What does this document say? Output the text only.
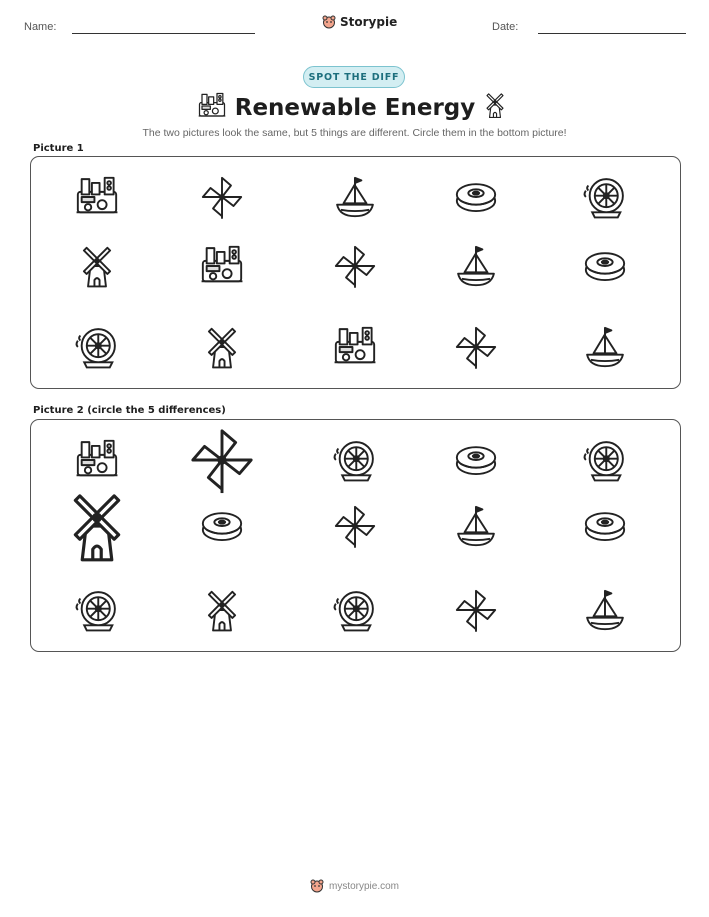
Name:	Storypie	Date:
SPOT THE DIFF
Renewable Energy
The two pictures look the same, but 5 things are different. Circle them in the bottom picture!
Picture 1
Picture 2 (circle the 5 differences)
mystorypie.com
